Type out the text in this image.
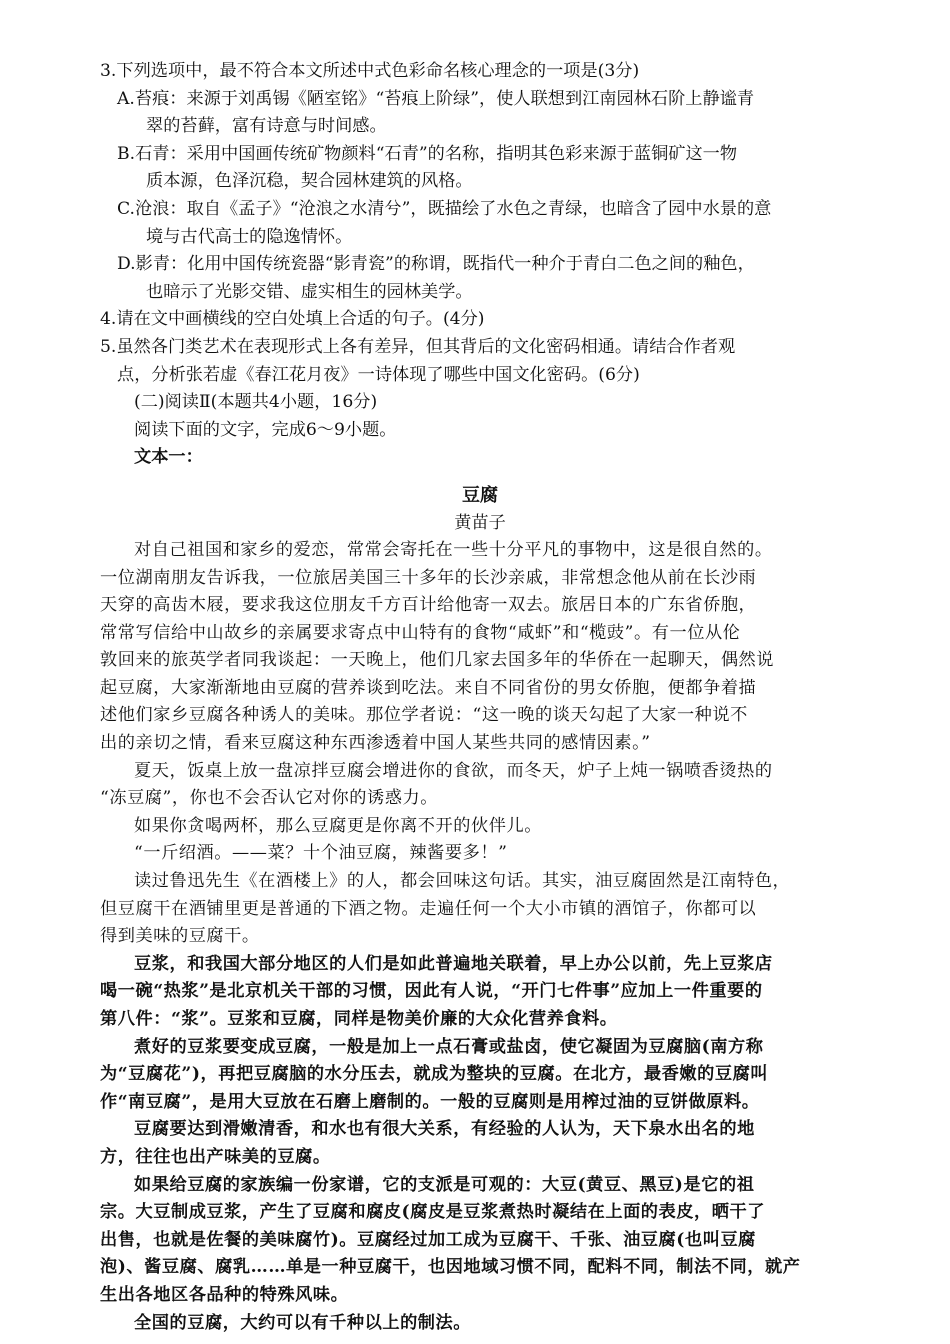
3.下列选项中，最不符合本文所述中式色彩命名核心理念的一项是(3分)
A.苔痕：来源于刘禹锡《陋室铭》“苔痕上阶绿”，使人联想到江南园林石阶上静谧青
翠的苔藓，富有诗意与时间感。
B.石青：采用中国画传统矿物颜料“石青”的名称，指明其色彩来源于蓝铜矿这一物
质本源，色泽沉稳，契合园林建筑的风格。
C.沧浪：取自《孟子》“沧浪之水清兮”，既描绘了水色之青绿，也暗含了园中水景的意
境与古代高士的隐逸情怀。
D.影青：化用中国传统瓷器“影青瓷”的称谓，既指代一种介于青白二色之间的釉色，
也暗示了光影交错、虚实相生的园林美学。
4.请在文中画横线的空白处填上合适的句子。(4分)
5.虽然各门类艺术在表现形式上各有差异，但其背后的文化密码相通。请结合作者观
点，分析张若虚《春江花月夜》一诗体现了哪些中国文化密码。(6分)
(二)阅读Ⅱ(本题共4小题，16分)
阅读下面的文字，完成6～9小题。
文本一：
豆腐
黄苗子
对自己祖国和家乡的爱恋，常常会寄托在一些十分平凡的事物中，这是很自然的。
一位湖南朋友告诉我，一位旅居美国三十多年的长沙亲戚，非常想念他从前在长沙雨
天穿的高齿木屐，要求我这位朋友千方百计给他寄一双去。旅居日本的广东省侨胞，
常常写信给中山故乡的亲属要求寄点中山特有的食物“咸虾”和“榄豉”。有一位从伦
敦回来的旅英学者同我谈起：一天晚上，他们几家去国多年的华侨在一起聊天，偶然说
起豆腐，大家渐渐地由豆腐的营养谈到吃法。来自不同省份的男女侨胞，便都争着描
述他们家乡豆腐各种诱人的美味。那位学者说：“这一晚的谈天勾起了大家一种说不
出的亲切之情，看来豆腐这种东西渗透着中国人某些共同的感情因素。”
夏天，饭桌上放一盘凉拌豆腐会增进你的食欲，而冬天，炉子上炖一锅喷香烫热的
“冻豆腐”，你也不会否认它对你的诱惑力。
如果你贪喝两杯，那么豆腐更是你离不开的伙伴儿。
“一斤绍酒。——菜？十个油豆腐，辣酱要多！”
读过鲁迅先生《在酒楼上》的人，都会回味这句话。其实，油豆腐固然是江南特色，
但豆腐干在酒铺里更是普通的下酒之物。走遍任何一个大小市镇的酒馆子，你都可以
得到美味的豆腐干。
豆浆，和我国大部分地区的人们是如此普遍地关联着，早上办公以前，先上豆浆店
喝一碗“热浆”是北京机关干部的习惯，因此有人说，“开门七件事”应加上一件重要的
第八件：“浆”。豆浆和豆腐，同样是物美价廉的大众化营养食料。
煮好的豆浆要变成豆腐，一般是加上一点石膏或盐卤，使它凝固为豆腐脑(南方称
为“豆腐花”)，再把豆腐脑的水分压去，就成为整块的豆腐。在北方，最香嫩的豆腐叫
作“南豆腐”，是用大豆放在石磨上磨制的。一般的豆腐则是用榨过油的豆饼做原料。
豆腐要达到滑嫩清香，和水也有很大关系，有经验的人认为，天下泉水出名的地
方，往往也出产味美的豆腐。
如果给豆腐的家族编一份家谱，它的支派是可观的：大豆(黄豆、黑豆)是它的祖
宗。大豆制成豆浆，产生了豆腐和腐皮(腐皮是豆浆煮热时凝结在上面的表皮，晒干了
出售，也就是佐餐的美味腐竹)。豆腐经过加工成为豆腐干、千张、油豆腐(也叫豆腐
泡)、酱豆腐、腐乳……单是一种豆腐干，也因地域习惯不同，配料不同，制法不同，就产
生出各地区各品种的特殊风味。
全国的豆腐，大约可以有千种以上的制法。
